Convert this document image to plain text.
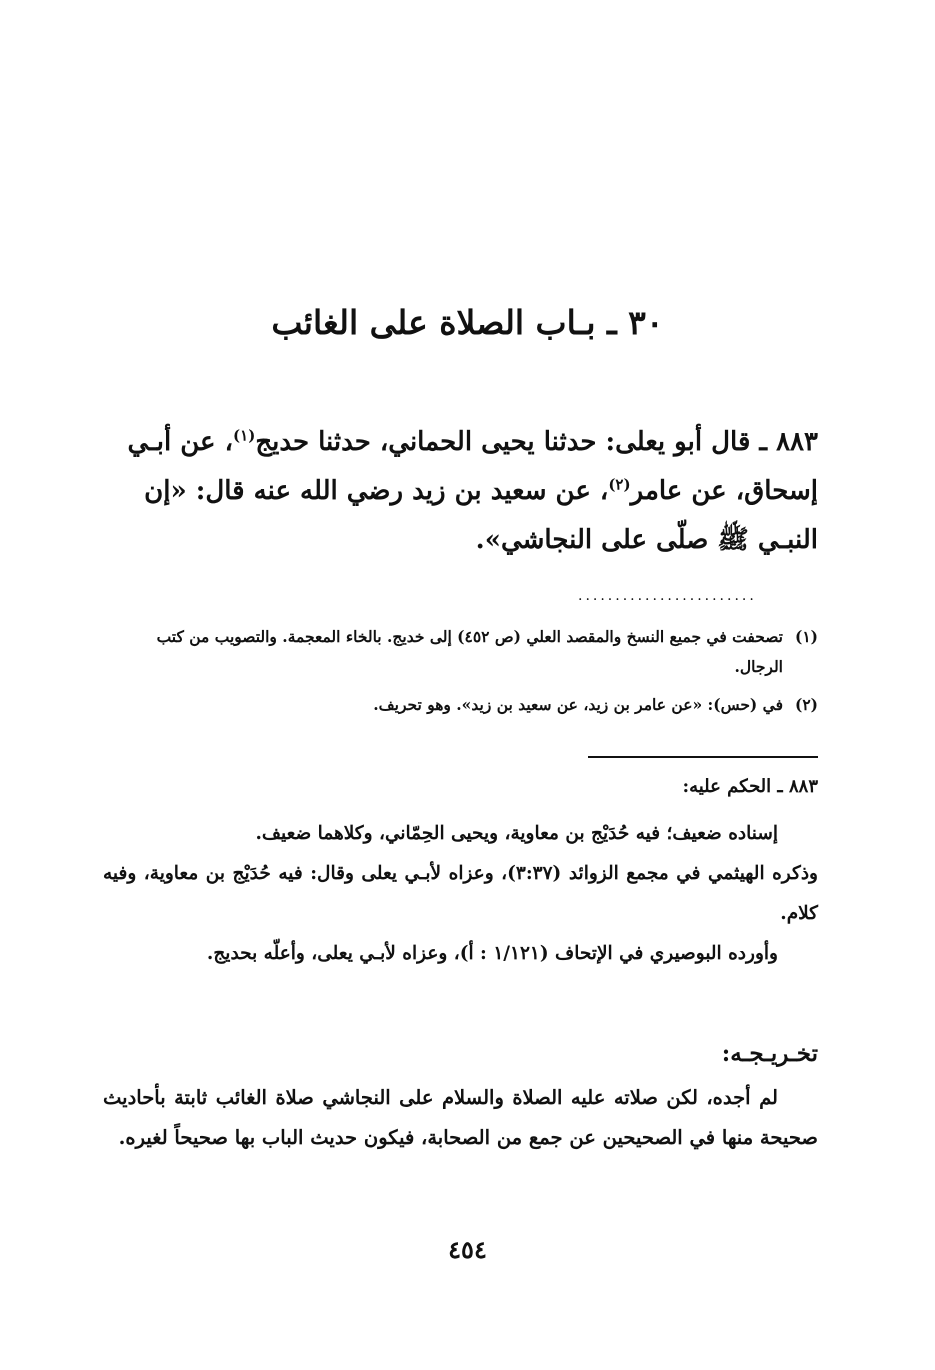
٣٠ ـ بـاب الصلاة على الغائب

٨٨٣ ـ قال أبو يعلى: حدثنا يحيى الحماني، حدثنا حديج$^{(١)}$، عن أبـي إسحاق، عن عامر$^{(٢)}$، عن سعيد بن زيد رضي الله عنه قال: «إن النبـي ﷺ صلّى على النجاشي».

........................
(١)
تصحفت في جميع النسخ والمقصد العلي (ص ٤٥٢) إلى خديج. بالخاء المعجمة. والتصويب من كتب الرجال.
(٢)
في (حس): «عن عامر بن زيد، عن سعيد بن زيد». وهو تحريف.
٨٨٣ ـ الحكم عليه:

إسناده ضعيف؛ فيه حُدَيْج بن معاوية، ويحيى الحِمّاني، وكلاهما ضعيف.

وذكره الهيثمي في مجمع الزوائد (٣:٣٧)، وعزاه لأبـي يعلى وقال: فيه حُدَيْج بن معاوية، وفيه كلام.

وأورده البوصيري في الإتحاف (١/١٢١ : أ)، وعزاه لأبـي يعلى، وأعلّه بحديج.

تخـريـجـه:

لم أجده، لكن صلاته عليه الصلاة والسلام على النجاشي صلاة الغائب ثابتة بأحاديث صحيحة منها في الصحيحين عن جمع من الصحابة، فيكون حديث الباب بها صحيحاً لغيره.

٤٥٤
